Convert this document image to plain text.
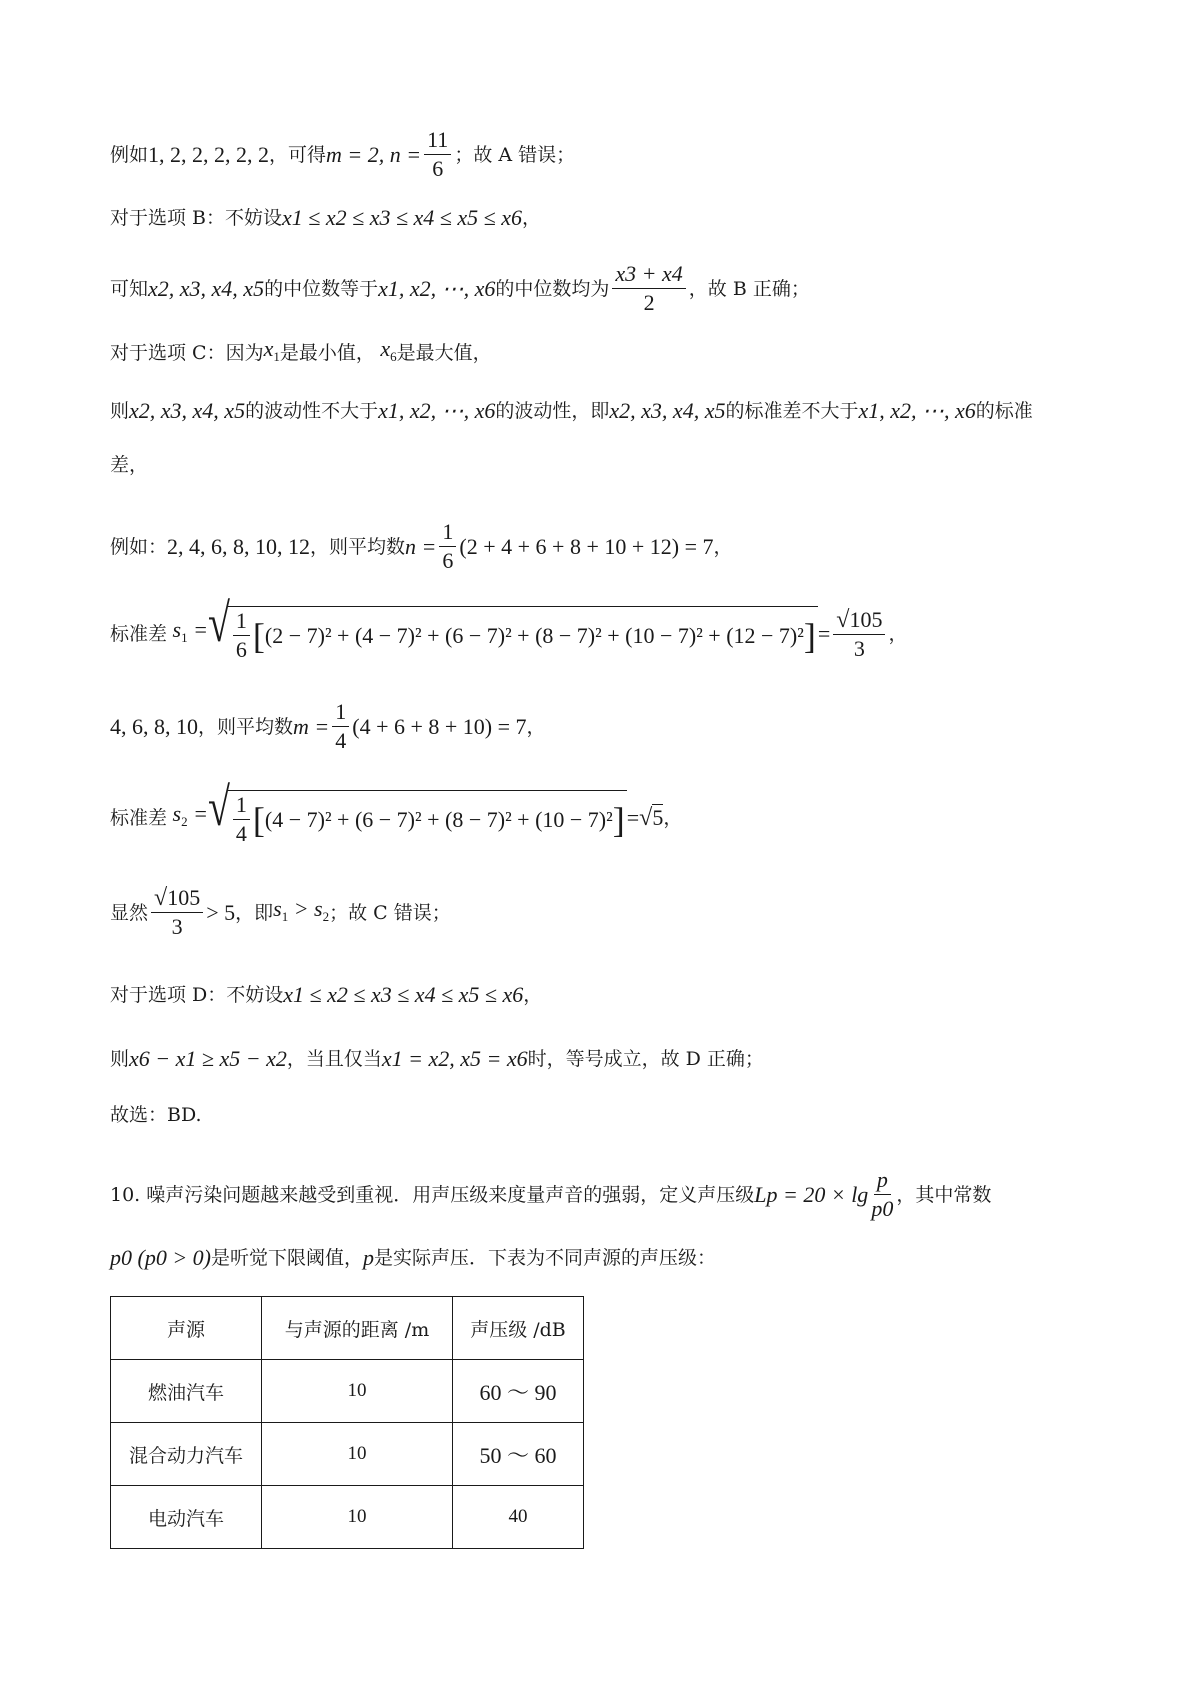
例如 1, 2, 2, 2, 2, 2 ，可得 m = 2, $n = \frac{11}{6}$ ；故 A 错误；
对于选项 B：不妨设 x1 ≤ x2 ≤ x3 ≤ x4 ≤ x5 ≤ x6 ，
可知 x2, x3, x4, x5 的中位数等于 x1, x2, ⋯, x6 的中位数均为 $\frac{x3 + x4}{2}$ ，故 B 正确；
对于选项 C：因为 $x_1$ 是最小值， $x_6$ 是最大值，
则 x2, x3, x4, x5 的波动性不大于 x1, x2, ⋯, x6 的波动性，即 x2, x3, x4, x5 的标准差不大于 x1, x2, ⋯, x6 的标准
差，
例如： 2, 4, 6, 8, 10, 12 ，则平均数 $n = \frac{1}{6} (2 + 4 + 6 + 8 + 10 + 12) = 7$ ，
标准差 $s_1$ = √ $\frac{1}{6}$ [ (2 − 7)² + (4 − 7)² + (6 − 7)² + (8 − 7)² + (10 − 7)² + (12 − 7)² ] = $\frac{√105}{3}$ ，
4, 6, 8, 10 ，则平均数 $m = \frac{1}{4} (4 + 6 + 8 + 10) = 7$ ，
标准差 $s_2$ = √ $\frac{1}{4}$ [ (4 − 7)² + (6 − 7)² + (8 − 7)² + (10 − 7)² ] = √5 ，
显然 $\frac{√105}{3} > 5$ ，即 $s_1 > s_2$ ；故 C 错误；
对于选项 D：不妨设 x1 ≤ x2 ≤ x3 ≤ x4 ≤ x5 ≤ x6 ，
则 x6 − x1 ≥ x5 − x2 ，当且仅当 x1 = x2, x5 = x6 时，等号成立，故 D 正确；
故选：BD.
10. 噪声污染问题越来越受到重视．用声压级来度量声音的强弱，定义声压级 $Lp = 20 \times \lg \frac{p}{p0}$ ，其中常数
p0 (p0 > 0) 是听觉下限阈值， p 是实际声压．下表为不同声源的声压级：
声源	与声源的距离 /m	声压级 /dB
燃油汽车	10	60 ～ 90
混合动力汽车	10	50 ～ 60
电动汽车	10	40
